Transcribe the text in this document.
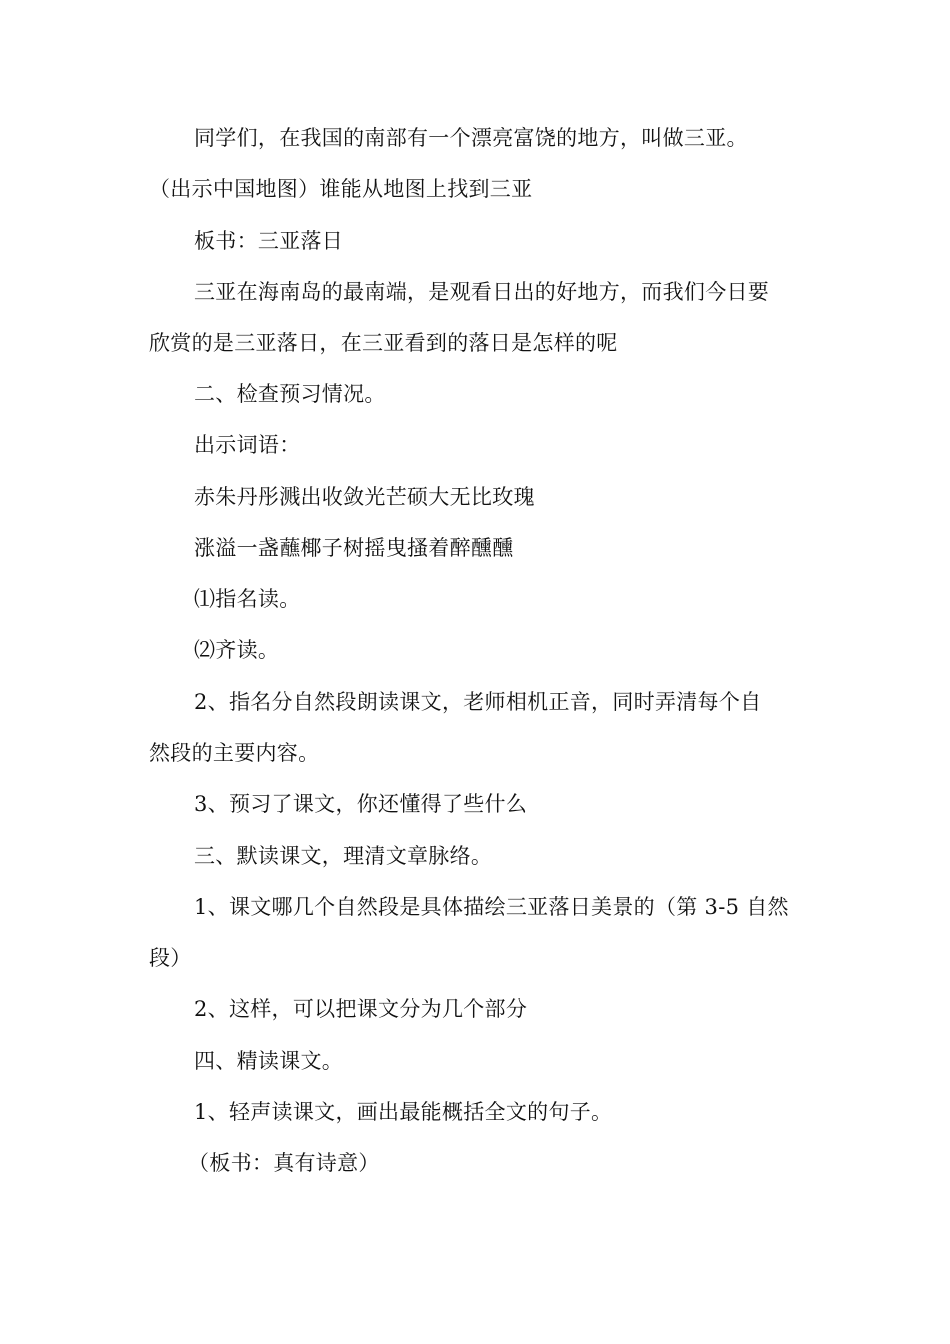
同学们，在我国的南部有一个漂亮富饶的地方，叫做三亚。
（出示中国地图）谁能从地图上找到三亚
板书：三亚落日
三亚在海南岛的最南端，是观看日出的好地方，而我们今日要
欣赏的是三亚落日，在三亚看到的落日是怎样的呢
二、检查预习情况。
出示词语：
赤朱丹彤溅出收敛光芒硕大无比玫瑰
涨溢一盏蘸椰子树摇曳搔着醉醺醺
⑴指名读。
⑵齐读。
2、指名分自然段朗读课文，老师相机正音，同时弄清每个自
然段的主要内容。
3、预习了课文，你还懂得了些什么
三、默读课文，理清文章脉络。
1、课文哪几个自然段是具体描绘三亚落日美景的（第 3-5 自然
段）
2、这样，可以把课文分为几个部分
四、精读课文。
1、轻声读课文，画出最能概括全文的句子。
（板书：真有诗意）
